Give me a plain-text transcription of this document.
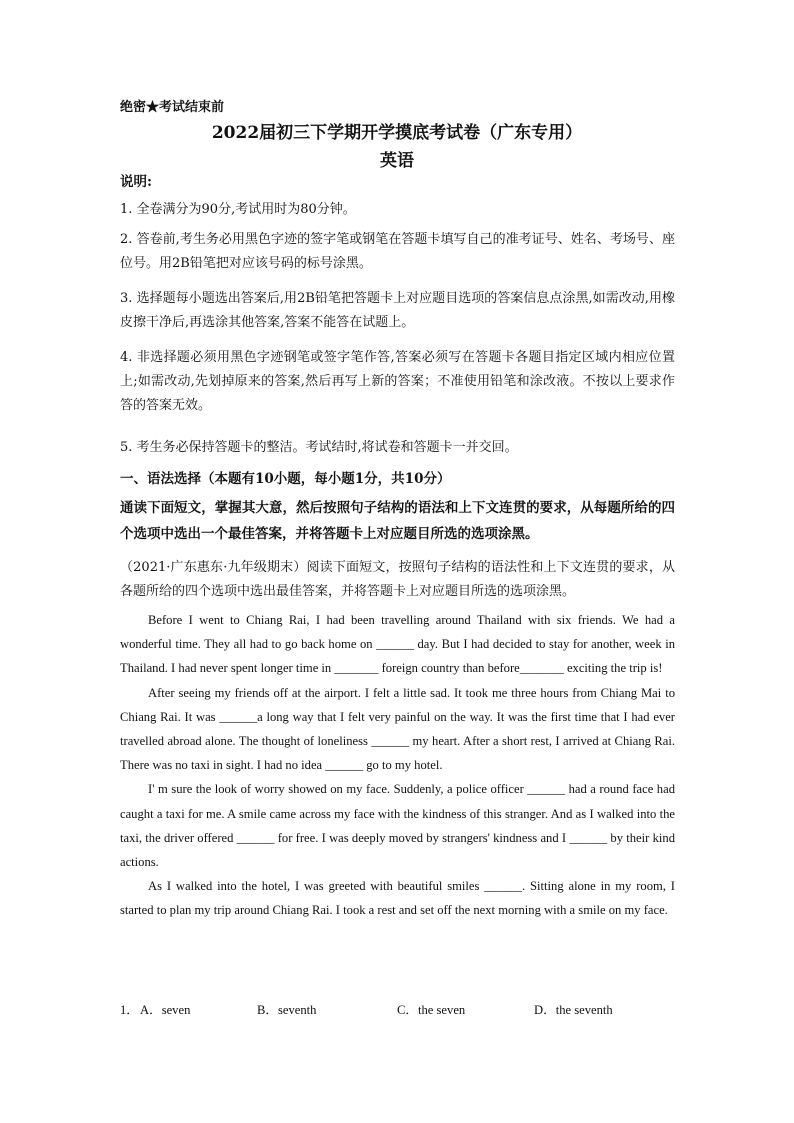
绝密★考试结束前
2022届初三下学期开学摸底考试卷（广东专用）
英语
说明:
1. 全卷满分为90分,考试用时为80分钟。
2. 答卷前,考生务必用黑色字迹的签字笔或钢笔在答题卡填写自己的准考证号、姓名、考场号、座位号。用2B铅笔把对应该号码的标号涂黑。
3. 选择题每小题选出答案后,用2B铅笔把答题卡上对应题目选项的答案信息点涂黑,如需改动,用橡皮擦干净后,再选涂其他答案,答案不能答在试题上。
4. 非选择题必须用黑色字迹钢笔或签字笔作答,答案必须写在答题卡各题目指定区域内相应位置上;如需改动,先划掉原来的答案,然后再写上新的答案；不准使用铅笔和涂改液。不按以上要求作答的答案无效。
5. 考生务必保持答题卡的整洁。考试结时,将试卷和答题卡一并交回。
一、语法选择（本题有10小题，每小题1分，共10分）
通读下面短文，掌握其大意，然后按照句子结构的语法和上下文连贯的要求，从每题所给的四个选项中选出一个最佳答案，并将答题卡上对应题目所选的选项涂黑。
（2021·广东惠东·九年级期末）阅读下面短文，按照句子结构的语法性和上下文连贯的要求，从各题所给的四个选项中选出最佳答案，并将答题卡上对应题目所选的选项涂黑。

Before I went to Chiang Rai, I had been travelling around Thailand with six friends. We had a wonderful time. They all had to go back home on ______ day. But I had decided to stay for another, week in Thailand. I had never spent longer time in _______ foreign country than before_______ exciting the trip is!

After seeing my friends off at the airport. I felt a little sad. It took me three hours from Chiang Mai to Chiang Rai. It was ______a long way that I felt very painful on the way. It was the first time that I had ever travelled abroad alone. The thought of loneliness ______ my heart. After a short rest, I arrived at Chiang Rai. There was no taxi in sight. I had no idea ______ go to my hotel.

I' m sure the look of worry showed on my face. Suddenly, a police officer ______ had a round face had caught a taxi for me. A smile came across my face with the kindness of this stranger. And as I walked into the taxi, the driver offered ______ for free. I was deeply moved by strangers' kindness and I ______ by their kind actions.

As I walked into the hotel, I was greeted with beautiful smiles ______. Sitting alone in my room, I started to plan my trip around Chiang Rai. I took a rest and set off the next morning with a smile on my face.

1． A．seven	B．seventh	C．the seven	D．the seventh
